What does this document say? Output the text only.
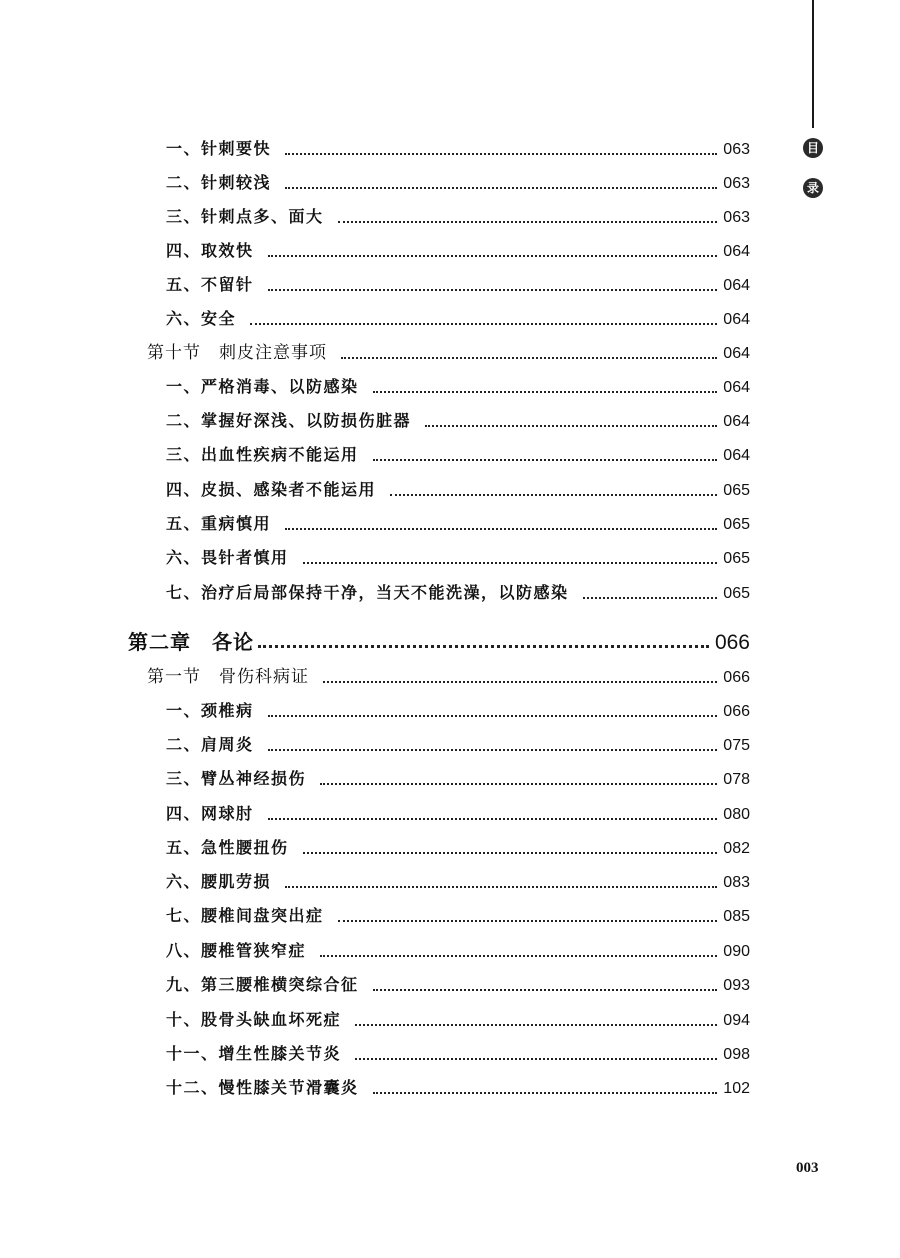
目
录
一、针刺要快	063
二、针刺较浅	063
三、针刺点多、面大	063
四、取效快	064
五、不留针	064
六、安全	064
第十节　刺皮注意事项	064
一、严格消毒、以防感染	064
二、掌握好深浅、以防损伤脏器	064
三、出血性疾病不能运用	064
四、皮损、感染者不能运用	065
五、重病慎用	065
六、畏针者慎用	065
七、治疗后局部保持干净，当天不能洗澡，以防感染	065
第二章　各论	066
第一节　骨伤科病证	066
一、颈椎病	066
二、肩周炎	075
三、臂丛神经损伤	078
四、网球肘	080
五、急性腰扭伤	082
六、腰肌劳损	083
七、腰椎间盘突出症	085
八、腰椎管狭窄症	090
九、第三腰椎横突综合征	093
十、股骨头缺血坏死症	094
十一、增生性膝关节炎	098
十二、慢性膝关节滑囊炎	102
003
